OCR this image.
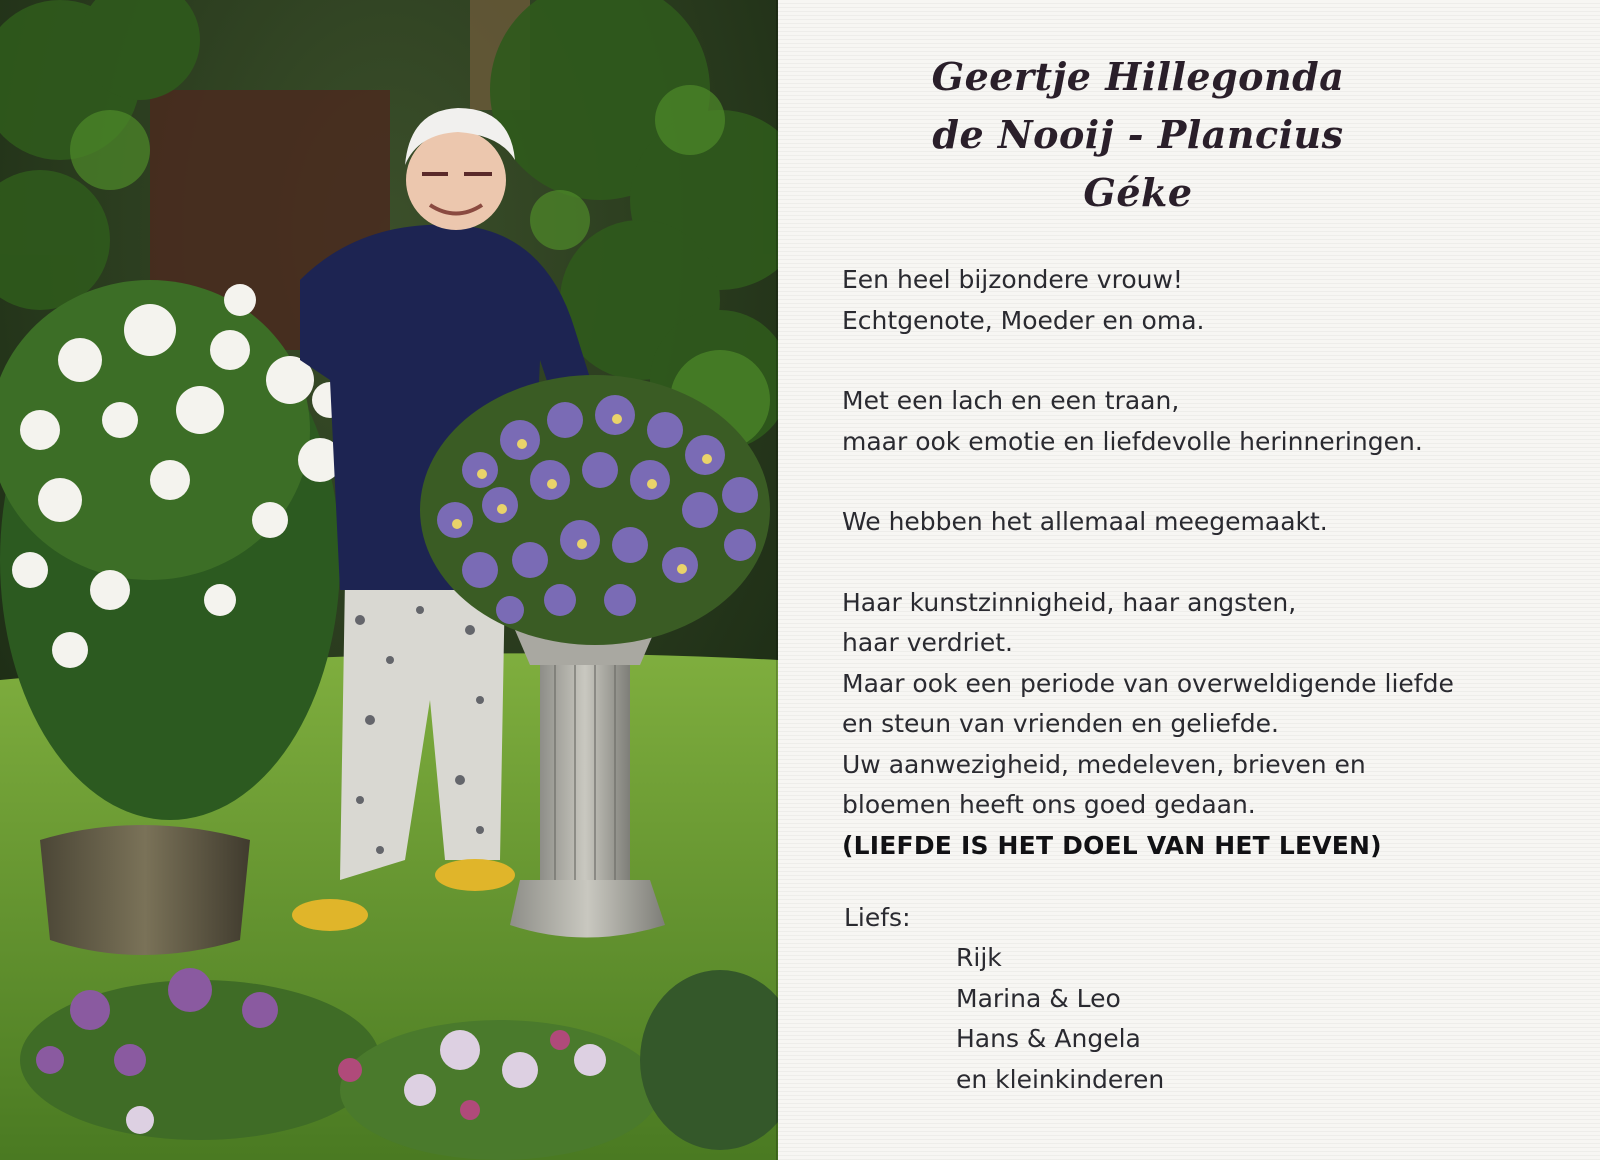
Geertje Hillegonda
de Nooij - Plancius
Géke
Een heel bijzondere vrouw!
Echtgenote, Moeder en oma.
Met een lach en een traan,
maar ook emotie en liefdevolle herinneringen.
We hebben het allemaal meegemaakt.
Haar kunstzinnigheid, haar angsten,
haar verdriet.
Maar ook een periode van overweldigende liefde
en steun van vrienden en geliefde.
Uw aanwezigheid, medeleven, brieven en
bloemen heeft ons goed gedaan.
(LIEFDE IS HET DOEL VAN HET LEVEN)
Liefs:
Rijk
Marina & Leo
Hans & Angela
en kleinkinderen
